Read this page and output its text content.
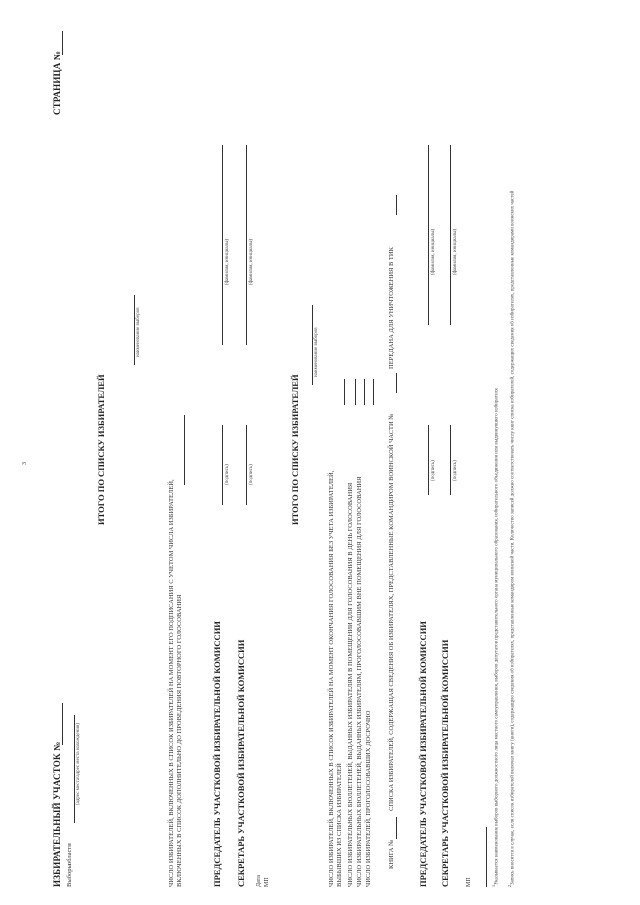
3
ИЗБИРАТЕЛЬНЫЙ УЧАСТОК №
СТРАНИЦА №
Выборы
области
(адрес места/адрес места нахождения)
ИТОГО ПО СПИСКУ ИЗБИРАТЕЛЕЙ
наименование выборов
ЧИСЛО ИЗБИРАТЕЛЕЙ, ВКЛЮЧЕННЫХ В СПИСОК ИЗБИРАТЕЛЕЙ НА МОМЕНТ ЕГО ПОДПИСАНИЯ С УЧЕТОМ ЧИСЛА ИЗБИРАТЕЛЕЙ, ВКЛЮЧЕННЫХ В СПИСОК ДОПОЛНИТЕЛЬНО ДО ПРОВЕДЕНИЯ ПОВТОРНОГО ГОЛОСОВАНИЯ	ПРЕДСЕДАТЕЛЬ УЧАСТКОВОЙ ИЗБИРАТЕЛЬНОЙ КОМИССИИ
(подпись)
(фамилия, инициалы)
СЕКРЕТАРЬ УЧАСТКОВОЙ ИЗБИРАТЕЛЬНОЙ КОМИССИИ
(подпись)
(фамилия, инициалы)
Дата МП
ИТОГО ПО СПИСКУ ИЗБИРАТЕЛЕЙ
наименование выборов
ЧИСЛО ИЗБИРАТЕЛЕЙ, ВКЛЮЧЕННЫХ В СПИСОК ИЗБИРАТЕЛЕЙ НА МОМЕНТ ОКОНЧАНИЯ ГОЛОСОВАНИЯ БЕЗ УЧЕТА ИЗБИРАТЕЛЕЙ, ВЫБЫВШИХ ИЗ СПИСКА ИЗБИРАТЕЛЕЙ ЧИСЛО ИЗБИРАТЕЛЬНЫХ БЮЛЛЕТЕНЕЙ, ВЫДАННЫХ ИЗБИРАТЕЛЯМ В ПОМЕЩЕНИИ ДЛЯ ГОЛОСОВАНИЯ В ДЕНЬ ГОЛОСОВАНИЯ ЧИСЛО ИЗБИРАТЕЛЬНЫХ БЮЛЛЕТЕНЕЙ, ВЫДАННЫХ ИЗБИРАТЕЛЯМ, ПРОГОЛОСОВАВШИМ ВНЕ ПОМЕЩЕНИЯ ДЛЯ ГОЛОСОВАНИЯ ЧИСЛО ИЗБИРАТЕЛЕЙ, ПРОГОЛОСОВАВШИХ ДОСРОЧНО КНИГА №
СПИСКА ИЗБИРАТЕЛЕЙ, СОДЕРЖАЩАЯ СВЕДЕНИЯ ОБ ИЗБИРАТЕЛЯХ, ПРЕДСТАВЛЕННЫЕ КОМАНДИРОМ ВОИНСКОЙ ЧАСТИ №
ПЕРЕДАНА ДЛЯ УНИЧТОЖЕНИЯ В ТИК
ПРЕДСЕДАТЕЛЬ УЧАСТКОВОЙ ИЗБИРАТЕЛЬНОЙ КОМИССИИ
(подпись)
(фамилия, инициалы)
СЕКРЕТАРЬ УЧАСТКОВОЙ ИЗБИРАТЕЛЬНОЙ КОМИССИИ
(подпись)
(фамилия, инициалы)
МП	$^1$Указывается наименование выборов выборного должностного лица местного самоуправления, выборов депутатов представительного органа муниципального образования, избирательного объединения или выдвинувшего избирателя
$^2$Запись вносится в случае, если список избирателей включал книгу (книги), содержащую сведения об избирателях, представленные командиром воинской части. Количество записей должно соответствовать числу книг списка избирателей, содержащих сведения об избирателях, представленные командирами воинских частей
